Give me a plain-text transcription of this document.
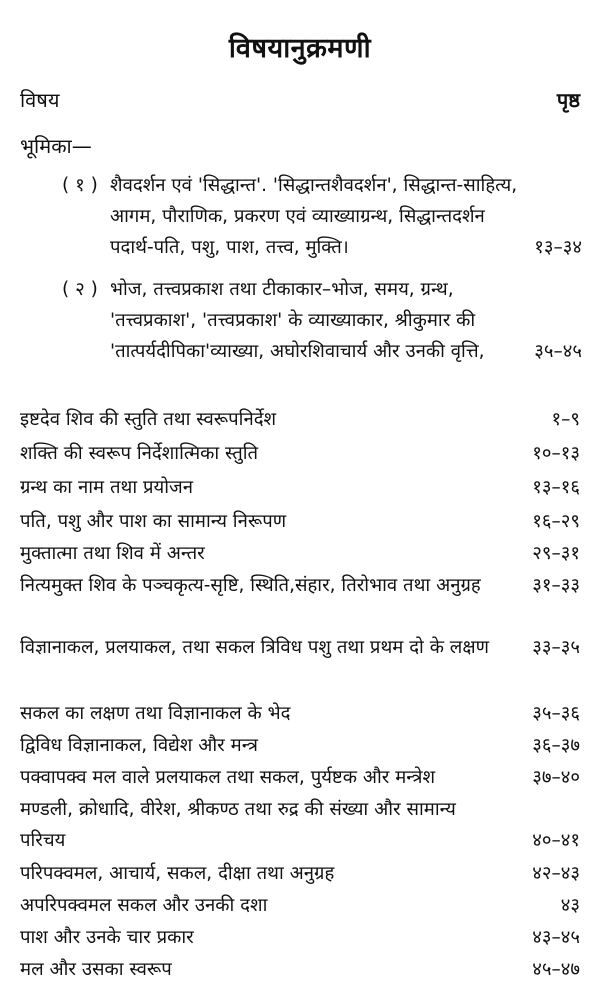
विषयानुक्रमणी
विषय	पृष्ठ
भूमिका—
( १ ) शैवदर्शन एवं 'सिद्धान्त'. 'सिद्धान्तशैवदर्शन', सिद्धान्त-साहित्य, आगम, पौराणिक, प्रकरण एवं व्याख्याग्रन्थ, सिद्धान्तदर्शन पदार्थ-पति, पशु, पाश, तत्त्व, मुक्ति।	१३–३४
( २ ) भोज, तत्त्वप्रकाश तथा टीकाकार–भोज, समय, ग्रन्थ, 'तत्त्वप्रकाश', 'तत्त्वप्रकाश' के व्याख्याकार, श्रीकुमार की 'तात्पर्यदीपिका'व्याख्या, अघोरशिवाचार्य और उनकी वृत्ति,	३५–४५
इष्टदेव शिव की स्तुति तथा स्वरूपनिर्देश	१–९
शक्ति की स्वरूप निर्देशात्मिका स्तुति	१०–१३
ग्रन्थ का नाम तथा प्रयोजन	१३–१६
पति, पशु और पाश का सामान्य निरूपण	१६–२९
मुक्तात्मा तथा शिव में अन्तर	२९–३१
नित्यमुक्त शिव के पञ्चकृत्य-सृष्टि, स्थिति,संहार, तिरोभाव तथा अनुग्रह	३१–३३
विज्ञानाकल, प्रलयाकल, तथा सकल त्रिविध पशु तथा प्रथम दो के लक्षण	३३–३५
सकल का लक्षण तथा विज्ञानाकल के भेद	३५–३६
द्विविध विज्ञानाकल, विद्येश और मन्त्र	३६–३७
पक्वापक्व मल वाले प्रलयाकल तथा सकल, पुर्यष्टक और मन्त्रेश	३७–४०
मण्डली, क्रोधादि, वीरेश, श्रीकण्ठ तथा रुद्र की संख्या और सामान्य परिचय	४०–४१
परिपक्वमल, आचार्य, सकल, दीक्षा तथा अनुग्रह	४२–४३
अपरिपक्वमल सकल और उनकी दशा	४३
पाश और उनके चार प्रकार	४३–४५
मल और उसका स्वरूप	४५–४७
